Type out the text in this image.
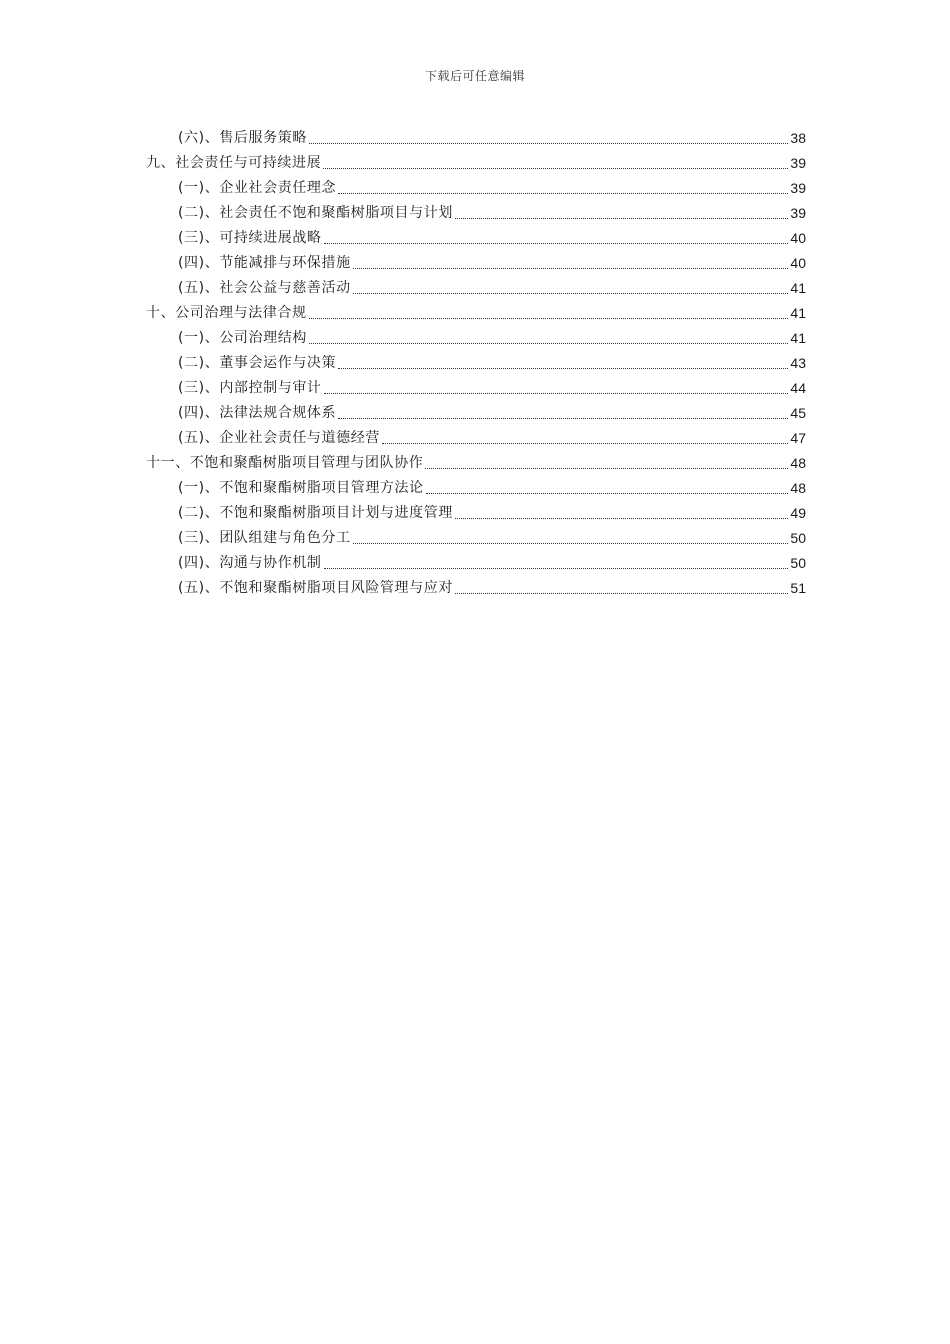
下载后可任意编辑
(六)、售后服务策略	38
九、社会责任与可持续进展	39
(一)、企业社会责任理念	39
(二)、社会责任不饱和聚酯树脂项目与计划	39
(三)、可持续进展战略	40
(四)、节能减排与环保措施	40
(五)、社会公益与慈善活动	41
十、公司治理与法律合规	41
(一)、公司治理结构	41
(二)、董事会运作与决策	43
(三)、内部控制与审计	44
(四)、法律法规合规体系	45
(五)、企业社会责任与道德经营	47
十一、不饱和聚酯树脂项目管理与团队协作	48
(一)、不饱和聚酯树脂项目管理方法论	48
(二)、不饱和聚酯树脂项目计划与进度管理	49
(三)、团队组建与角色分工	50
(四)、沟通与协作机制	50
(五)、不饱和聚酯树脂项目风险管理与应对	51
